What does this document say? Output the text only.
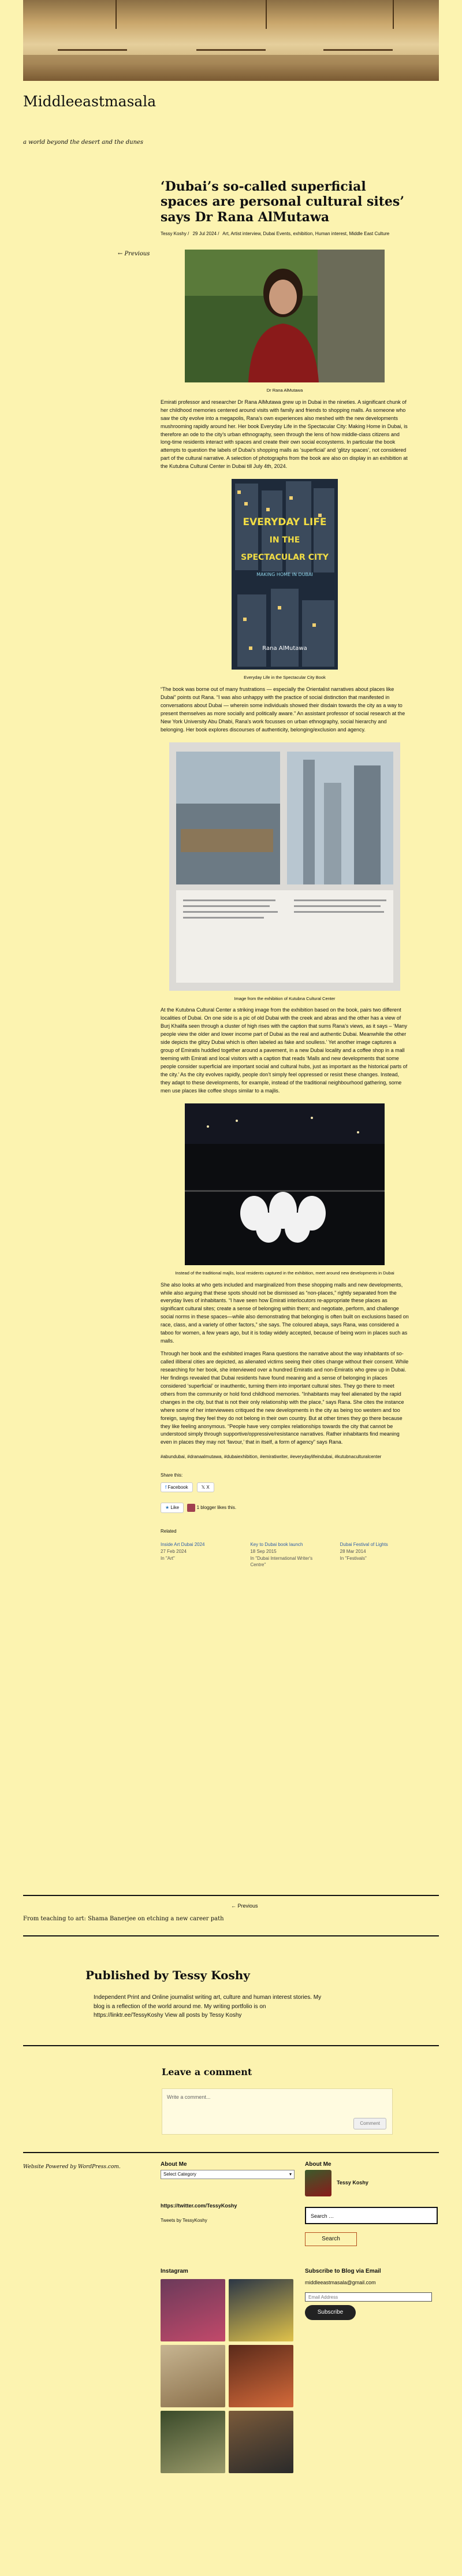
Middleeastmasala
a world beyond the desert and the dunes
← Previous
‘Dubai’s so-called superficial spaces are personal cultural sites’ says Dr Rana AlMutawa
Tessy Koshy / 29 Jul 2024 / Art, Artist interview, Dubai Events, exhibition, Human interest, Middle East Culture
Dr Rana AlMutawa

Emirati professor and researcher Dr Rana AlMutawa grew up in Dubai in the nineties. A significant chunk of her childhood memories centered around visits with family and friends to shopping malls. As someone who saw the city evolve into a megapolis, Rana’s own experiences also meshed with the new developments mushrooming rapidly around her. Her book Everyday Life in the Spectacular City: Making Home in Dubai, is therefore an ode to the city’s urban ethnography, seen through the lens of how middle-class citizens and long-time residents interact with spaces and create their own social ecosystems. In particular the book attempts to question the labels of Dubai’s shopping malls as ‘superficial’ and ‘glitzy spaces’, not considered part of the cultural narrative. A selection of photographs from the book are also on display in an exhibition at the Kutubna Cultural Center in Dubai till July 4th, 2024.

EVERYDAY LIFE
IN THE
SPECTACULAR CITY
MAKING HOME IN DUBAI
Rana AlMutawa
Everyday Life in the Spectacular City Book

“The book was borne out of many frustrations — especially the Orientalist narratives about places like Dubai” points out Rana. “I was also unhappy with the practice of social distinction that manifested in conversations about Dubai — wherein some individuals showed their disdain towards the city as a way to present themselves as more socially and politically aware.” An assistant professor of social research at the New York University Abu Dhabi, Rana’s work focusses on urban ethnography, social hierarchy and belonging. Her book explores discourses of authenticity, belonging/exclusion and agency.

Image from the exhibition of Kutubna Cultural Center

At the Kutubna Cultural Center a striking image from the exhibition based on the book, pairs two different localities of Dubai. On one side is a pic of old Dubai with the creek and abras and the other has a view of Burj Khalifa seen through a cluster of high rises with the caption that sums Rana’s views, as it says – ‘Many people view the older and lower income part of Dubai as the real and authentic Dubai. Meanwhile the other side depicts the glitzy Dubai which is often labeled as fake and soulless.’ Yet another image captures a group of Emiratis huddled together around a pavement, in a new Dubai locality and a coffee shop in a mall teeming with Emirati and local visitors with a caption that reads ‘Malls and new developments that some people consider superficial are important social and cultural hubs, just as important as the historical parts of the city.’ As the city evolves rapidly, people don’t simply feel oppressed or resist these changes. Instead, they adapt to these developments, for example, instead of the traditional neighbourhood gathering, some men use places like coffee shops similar to a majlis.

Instead of the traditional majlis, local residents captured in the exhibition, meet around new developments in Dubai

She also looks at who gets included and marginalized from these shopping malls and new developments, while also arguing that these spots should not be dismissed as “non-places,” rightly separated from the everyday lives of inhabitants. “I have seen how Emirati interlocutors re-appropriate these places as significant cultural sites; create a sense of belonging within them; and negotiate, perform, and challenge social norms in these spaces—while also demonstrating that belonging is often built on exclusions based on race, class, and a variety of other factors,” she says. The coloured abaya, says Rana, was considered a taboo for women, a few years ago, but it is today widely accepted, because of being worn in places such as malls.

Through her book and the exhibited images Rana questions the narrative about the way inhabitants of so-called illiberal cities are depicted, as alienated victims seeing their cities change without their consent. While researching for her book, she interviewed over a hundred Emiratis and non-Emiratis who grew up in Dubai. Her findings revealed that Dubai residents have found meaning and a sense of belonging in places considered ‘superficial’ or inauthentic, turning them into important cultural sites. They go there to meet others from the community or hold fond childhood memories. “Inhabitants may feel alienated by the rapid changes in the city, but that is not their only relationship with the place,” says Rana. She cites the instance where some of her interviewees critiqued the new developments in the city as being too western and too foreign, saying they feel they do not belong in their own country. But at other times they go there because they like feeling anonymous. “People have very complex relationships towards the city that cannot be understood simply through supportive/oppressive/resistance narratives. Rather inhabitants find meaning even in places they may not ‘favour,’ that in itself, a form of agency” says Rana.

#abundubai, #dranaalmutawa, #dubaiexhibition, #emiratiwriter, #everydaylifeindubai, #kutubnaculturalcenter
Share this:
f Facebook	𝕏 X
★ Like	1 blogger likes this.
Related
Inside Art Dubai 2024
27 Feb 2024
In "Art"
Key to Dubai book launch
18 Sep 2015
In "Dubai International Writer's Centre"
Dubai Festival of Lights
28 Mar 2014
In "Festivals"
← Previous
From teaching to art: Shama Banerjee on etching a new career path
Published by Tessy Koshy
Independent Print and Online journalist writing art, culture and human interest stories. My blog is a reflection of the world around me. My writing portfolio is on https://linktr.ee/TessyKoshy View all posts by Tessy Koshy
Leave a comment
Write a comment...
Comment
Website Powered by WordPress.com.	About Me
Select Category	▾
About Me
Tessy Koshy
https://twitter.com/TessyKoshy
Tweets by TessyKoshy
Search …
Search
Instagram	Subscribe to Blog via Email
middleeastmasala@gmail.com
Email Address
Subscribe
